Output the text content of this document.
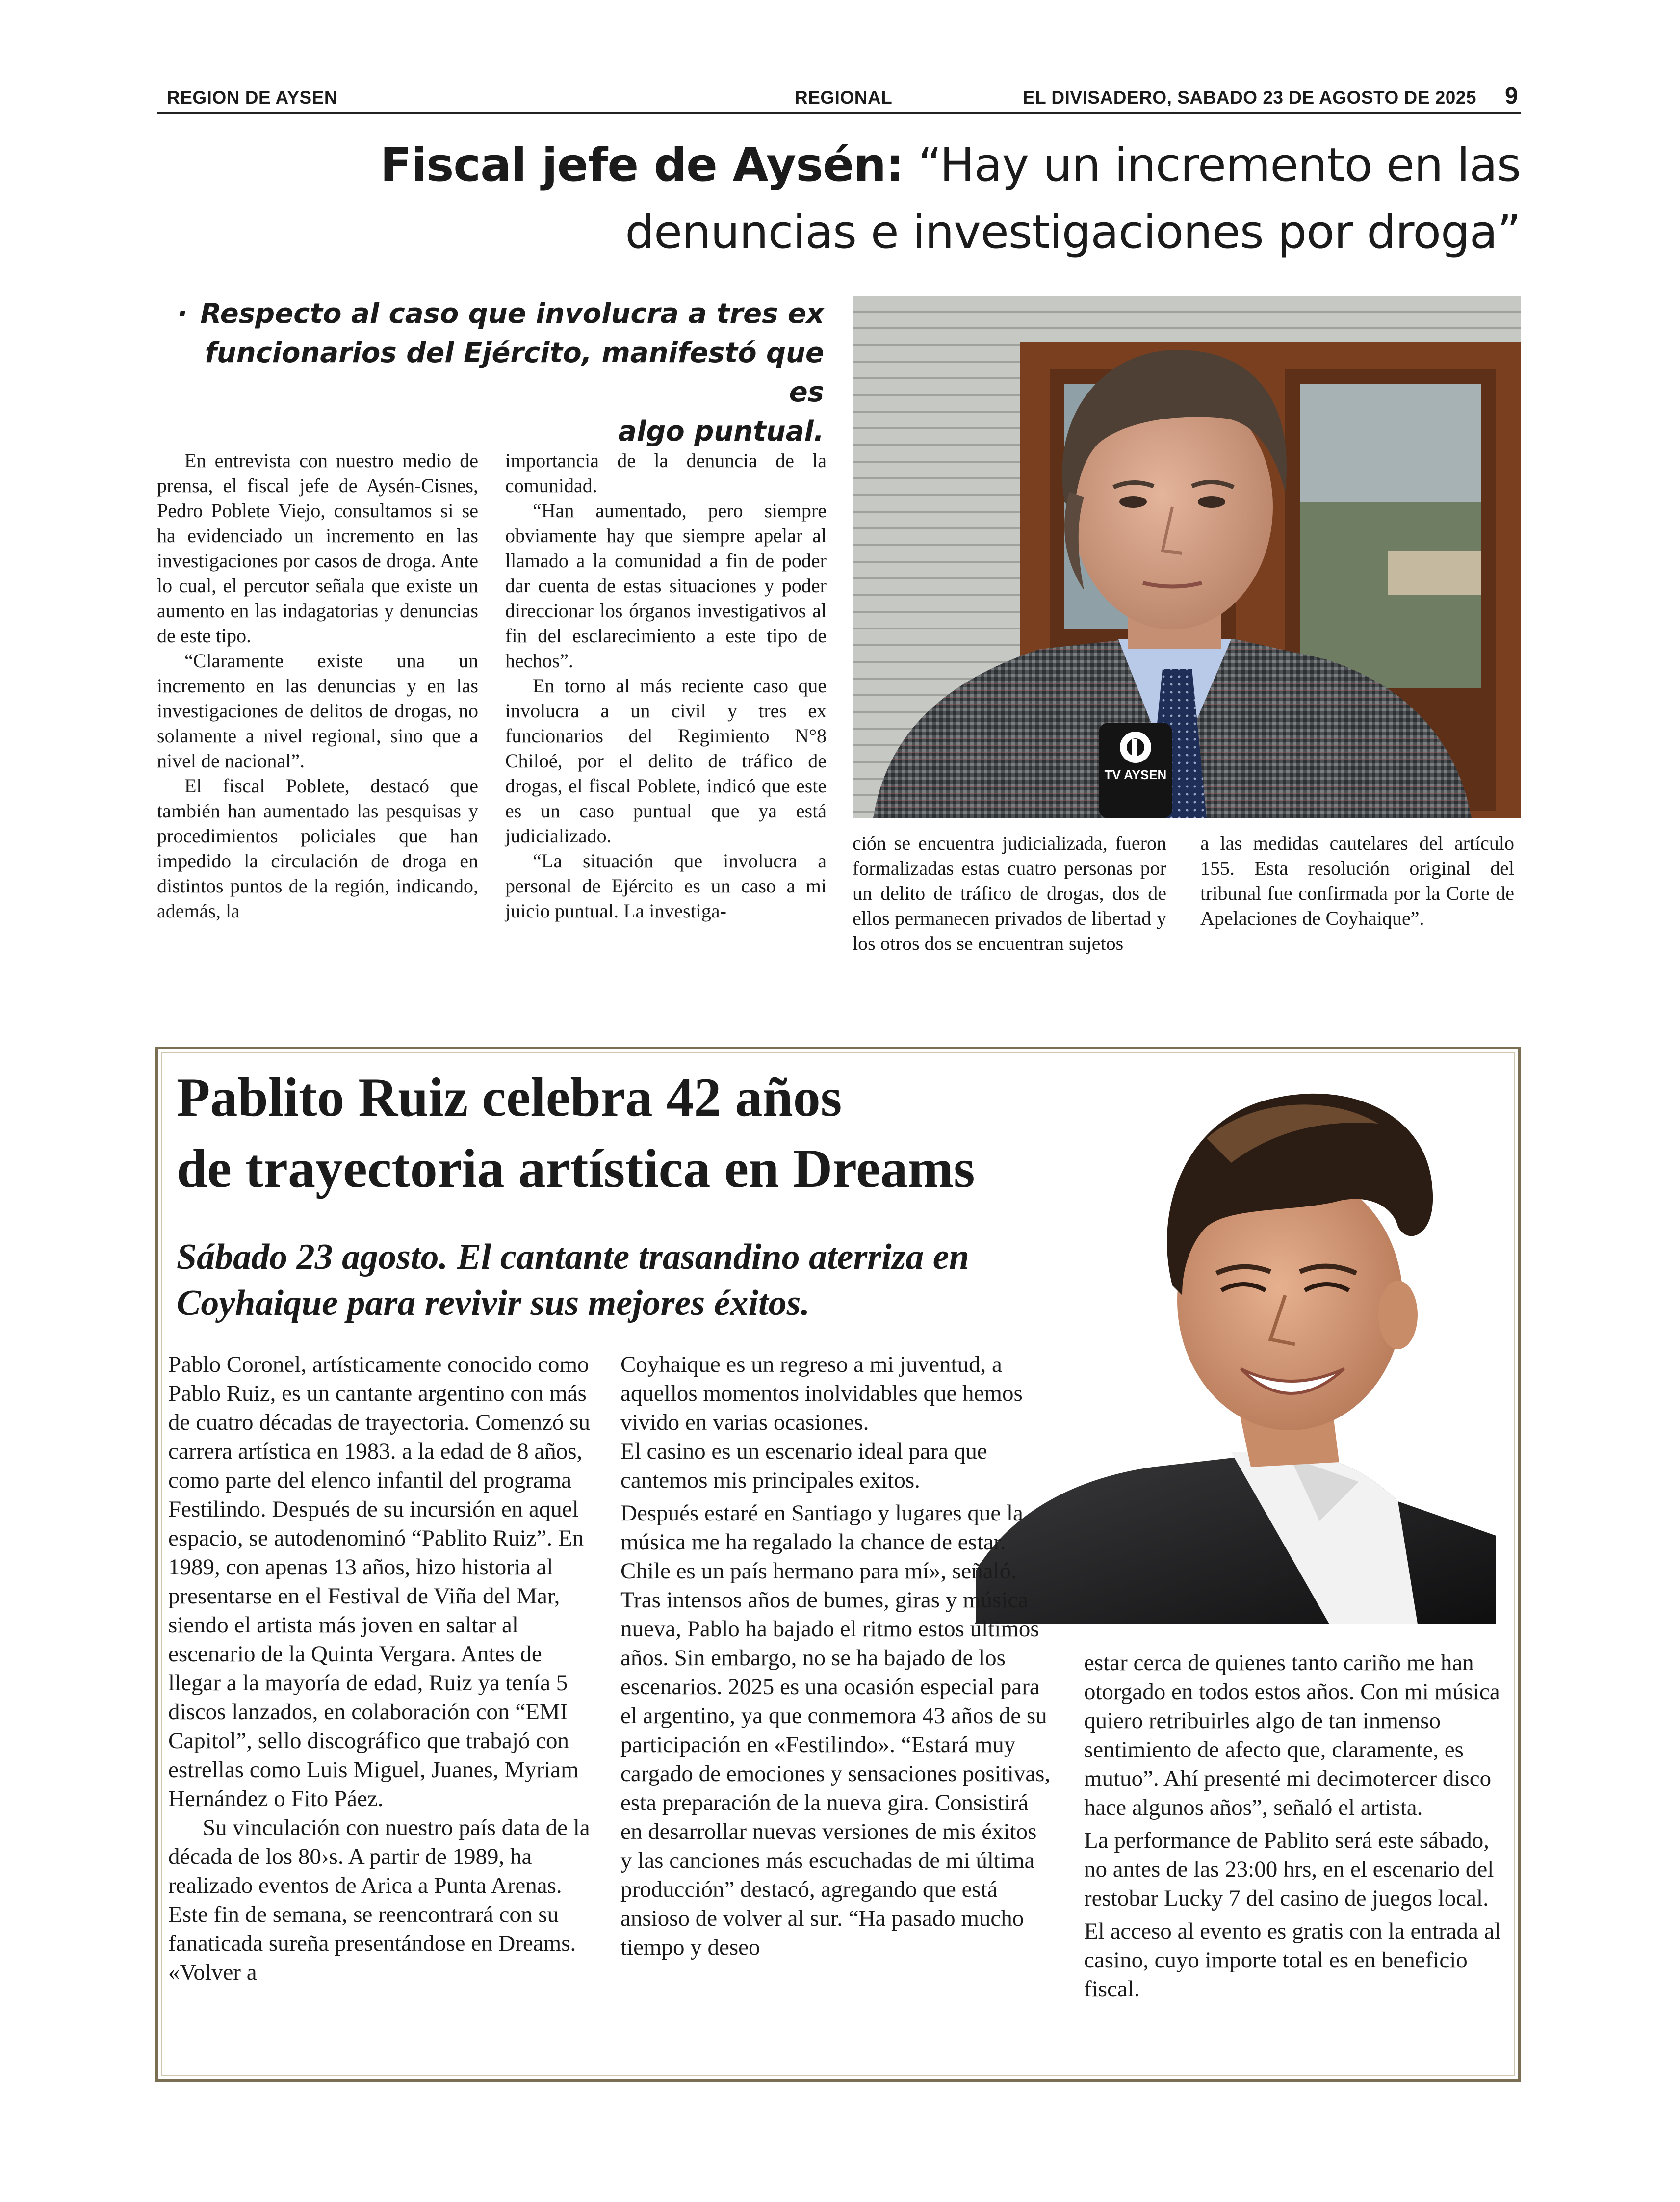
REGION DE AYSEN	REGIONAL	EL DIVISADERO, SABADO 23 DE AGOSTO DE 2025 9
Fiscal jefe de Aysén: “Hay un incremento en las
denuncias e investigaciones por droga”
· Respecto al caso que involucra a tres ex
funcionarios del Ejército, manifestó que es
algo puntual.

En entrevista con nuestro medio de prensa, el fiscal jefe de Aysén-Cisnes, Pedro Poblete Viejo, consultamos si se ha evidenciado un incremento en las investigaciones por casos de droga. Ante lo cual, el percutor señala que existe un aumento en las indagatorias y denuncias de este tipo.

“Claramente existe una un incremento en las denuncias y en las investigaciones de delitos de drogas, no solamente a nivel regional, sino que a nivel de nacional”.

El fiscal Poblete, destacó que también han aumentado las pesquisas y procedimientos policiales que han impedido la circulación de droga en distintos puntos de la región, indicando, además, la

importancia de la denuncia de la comunidad.

“Han aumentado, pero siempre obviamente hay que siempre apelar al llamado a la comunidad a fin de poder dar cuenta de estas situaciones y poder direccionar los órganos investigativos al fin del esclarecimiento a este tipo de hechos”.

En torno al más reciente caso que involucra a un civil y tres ex funcionarios del Regimiento N°8 Chiloé, por el delito de tráfico de drogas, el fiscal Poblete, indicó que este es un caso puntual que ya está judicializado.

“La situación que involucra a personal de Ejército es un caso a mi juicio puntual. La investiga-

ción se encuentra judicializada, fueron formalizadas estas cuatro personas por un delito de tráfico de drogas, dos de ellos permanecen privados de libertad y los otros dos se encuentran sujetos

a las medidas cautelares del artículo 155. Esta resolución original del tribunal fue confirmada por la Corte de Apelaciones de Coyhaique”.

TV AYSEN
Pablito Ruiz celebra 42 años
de trayectoria artística en Dreams
Sábado 23 agosto. El cantante trasandino aterriza en
Coyhaique para revivir sus mejores éxitos.

Pablo Coronel, artísticamente conocido como Pablo Ruiz, es un cantante argentino con más de cuatro décadas de trayectoria. Comenzó su carrera artística en 1983. a la edad de 8 años, como parte del elenco infantil del programa Festilindo. Después de su incursión en aquel espacio, se autodenominó “Pablito Ruiz”. En 1989, con apenas 13 años, hizo historia al presentarse en el Festival de Viña del Mar, siendo el artista más joven en saltar al escenario de la Quinta Vergara. Antes de llegar a la mayoría de edad, Ruiz ya tenía 5 discos lanzados, en colaboración con “EMI Capitol”, sello discográfico que trabajó con estrellas como Luis Miguel, Juanes, Myriam Hernández o Fito Páez.

Su vinculación con nuestro país data de la década de los 80›s. A partir de 1989, ha realizado eventos de Arica a Punta Arenas. Este fin de semana, se reencontrará con su fanaticada sureña presentándose en Dreams. «Volver a

Coyhaique es un regreso a mi juventud, a aquellos momentos inolvidables que hemos vivido en varias ocasiones.

El casino es un escenario ideal para que cantemos mis principales exitos.

Después estaré en Santiago y lugares que la música me ha regalado la chance de estar. Chile es un país hermano para mí», señaló.

Tras intensos años de bumes, giras y música nueva, Pablo ha bajado el ritmo estos últimos años. Sin embargo, no se ha bajado de los escenarios. 2025 es una ocasión especial para el argentino, ya que conmemora 43 años de su participación en «Festilindo». “Estará muy cargado de emociones y sensaciones positivas, esta preparación de la nueva gira. Consistirá en desarrollar nuevas versiones de mis éxitos y las canciones más escuchadas de mi última producción” destacó, agregando que está ansioso de volver al sur. “Ha pasado mucho tiempo y deseo

estar cerca de quienes tanto cariño me han otorgado en todos estos años. Con mi música quiero retribuirles algo de tan inmenso sentimiento de afecto que, claramente, es mutuo”. Ahí presenté mi decimotercer disco hace algunos años”, señaló el artista.

La performance de Pablito será este sábado, no antes de las 23:00 hrs, en el escenario del restobar Lucky 7 del casino de juegos local.

El acceso al evento es gratis con la entrada al casino, cuyo importe total es en beneficio fiscal.
